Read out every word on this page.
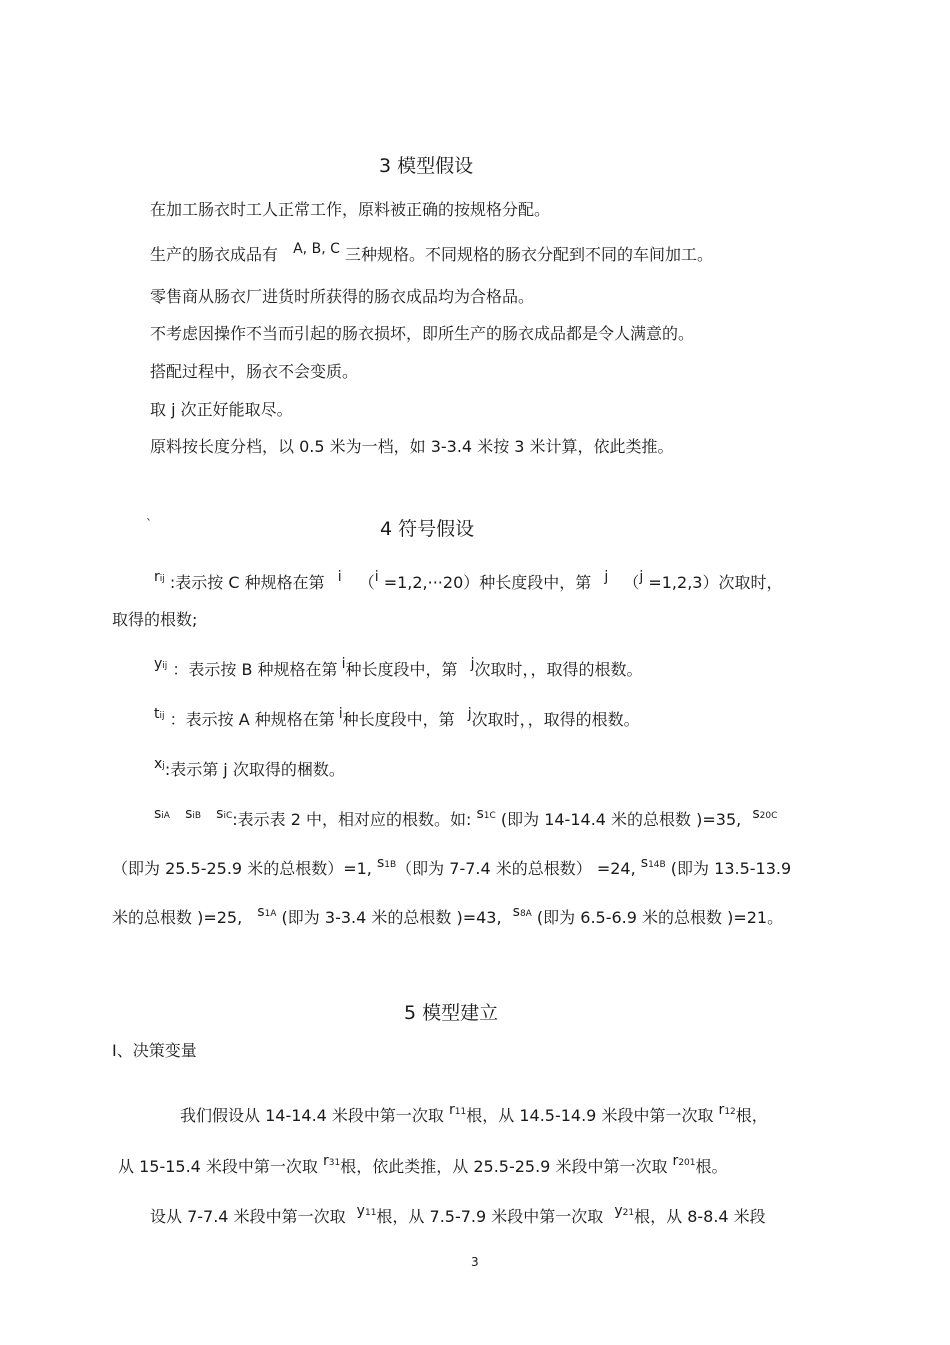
3 模型假设
在加工肠衣时工人正常工作，原料被正确的按规格分配。
生产的肠衣成品有 A, B, C 三种规格。不同规格的肠衣分配到不同的车间加工。
零售商从肠衣厂进货时所获得的肠衣成品均为合格品。
不考虑因操作不当而引起的肠衣损坏，即所生产的肠衣成品都是令人满意的。
搭配过程中，肠衣不会变质。
取 j 次正好能取尽。
原料按长度分档，以 0.5 米为一档，如 3-3.4 米按 3 米计算，依此类推。
`	4 符号假设
$r^{ij}$ :表示按 C 种规格在第 i （i =1,2,···20）种长度段中，第 j （j =1,2,3）次取时，
取得的根数;
$y^{ij}$ ：表示按 B 种规格在第 i种长度段中，第 j次取时，，取得的根数。
$t^{ij}$ ：表示按 A 种规格在第 i种长度段中，第 j次取时，，取得的根数。
$x^j$:表示第 j 次取得的梱数。
$s^{iA}$ $s^{iB}$ $s^{iC}$:表示表 2 中，相对应的根数。如: $s^{1C}$ (即为 14-14.4 米的总根数 )=35, $s^{20C}$
（即为 25.5-25.9 米的总根数）=1, $s^{1B}$（即为 7-7.4 米的总根数） =24, $s^{14B}$ (即为 13.5-13.9
米的总根数 )=25, $s^{1A}$ (即为 3-3.4 米的总根数 )=43, $s^{8A}$ (即为 6.5-6.9 米的总根数 )=21。
5 模型建立
Ⅰ、决策变量
我们假设从 14-14.4 米段中第一次取 $r^{11}$根，从 14.5-14.9 米段中第一次取 $r^{12}$根，
从 15-15.4 米段中第一次取 $r^{31}$根，依此类推，从 25.5-25.9 米段中第一次取 $r^{201}$根。
设从 7-7.4 米段中第一次取 $y^{11}$根，从 7.5-7.9 米段中第一次取 $y^{21}$根，从 8-8.4 米段
3
